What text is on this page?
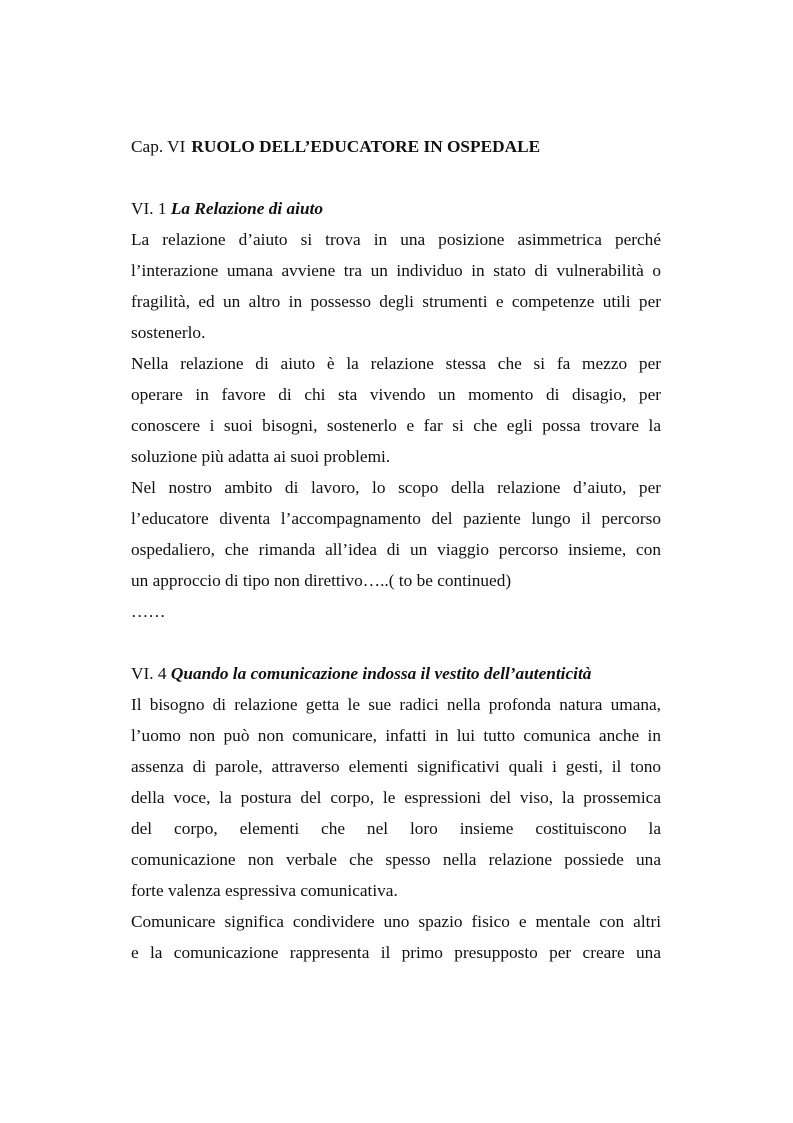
Cap. VI RUOLO DELL’EDUCATORE IN OSPEDALE
VI. 1 La Relazione di aiuto
La relazione d’aiuto si trova in una posizione asimmetrica perché
l’interazione umana avviene tra un individuo in stato di vulnerabilità o
fragilità, ed un altro in possesso degli strumenti e competenze utili per
sostenerlo.
Nella relazione di aiuto è la relazione stessa che si fa mezzo per
operare in favore di chi sta vivendo un momento di disagio, per
conoscere i suoi bisogni, sostenerlo e far si che egli possa trovare la
soluzione più adatta ai suoi problemi.
Nel nostro ambito di lavoro, lo scopo della relazione d’aiuto, per
l’educatore diventa l’accompagnamento del paziente lungo il percorso
ospedaliero, che rimanda all’idea di un viaggio percorso insieme, con
un approccio di tipo non direttivo…..( to be continued)
……
VI. 4 Quando la comunicazione indossa il vestito dell’autenticità
Il bisogno di relazione getta le sue radici nella profonda natura umana,
l’uomo non può non comunicare, infatti in lui tutto comunica anche in
assenza di parole, attraverso elementi significativi quali i gesti, il tono
della voce, la postura del corpo, le espressioni del viso, la prossemica
del corpo, elementi che nel loro insieme costituiscono la
comunicazione non verbale che spesso nella relazione possiede una
forte valenza espressiva comunicativa.
Comunicare significa condividere uno spazio fisico e mentale con altri
e la comunicazione rappresenta il primo presupposto per creare una
